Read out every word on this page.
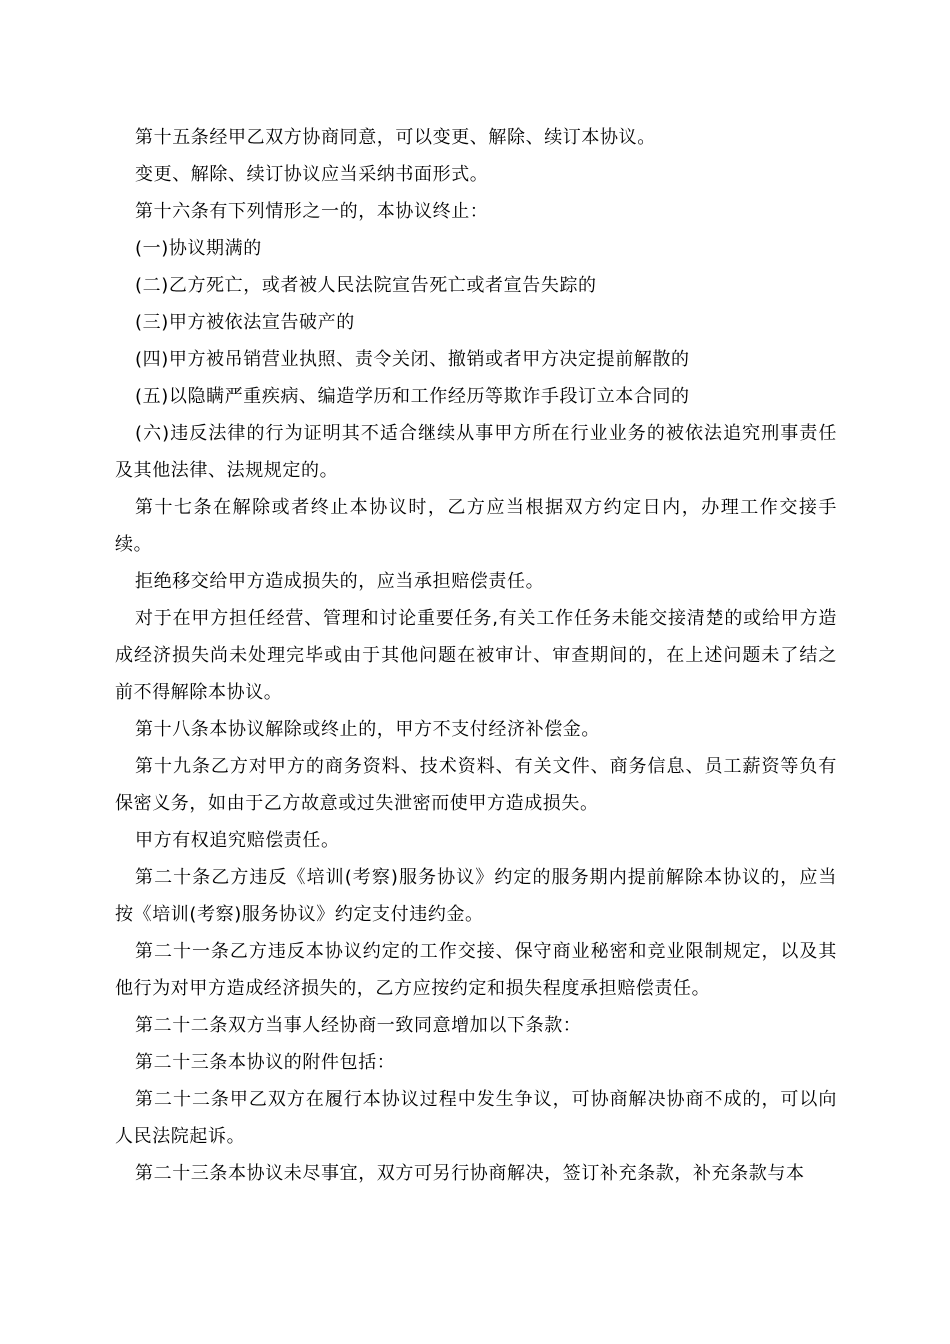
第十五条经甲乙双方协商同意，可以变更、解除、续订本协议。

变更、解除、续订协议应当采纳书面形式。

第十六条有下列情形之一的，本协议终止：

(一)协议期满的

(二)乙方死亡，或者被人民法院宣告死亡或者宣告失踪的

(三)甲方被依法宣告破产的

(四)甲方被吊销营业执照、责令关闭、撤销或者甲方决定提前解散的

(五)以隐瞒严重疾病、编造学历和工作经历等欺诈手段订立本合同的

(六)违反法律的行为证明其不适合继续从事甲方所在行业业务的被依法追究刑事责任及其他法律、法规规定的。

第十七条在解除或者终止本协议时，乙方应当根据双方约定日内，办理工作交接手续。

拒绝移交给甲方造成损失的，应当承担赔偿责任。

对于在甲方担任经营、管理和讨论重要任务,有关工作任务未能交接清楚的或给甲方造成经济损失尚未处理完毕或由于其他问题在被审计、审查期间的，在上述问题未了结之前不得解除本协议。

第十八条本协议解除或终止的，甲方不支付经济补偿金。

第十九条乙方对甲方的商务资料、技术资料、有关文件、商务信息、员工薪资等负有保密义务，如由于乙方故意或过失泄密而使甲方造成损失。

甲方有权追究赔偿责任。

第二十条乙方违反《培训(考察)服务协议》约定的服务期内提前解除本协议的，应当按《培训(考察)服务协议》约定支付违约金。

第二十一条乙方违反本协议约定的工作交接、保守商业秘密和竞业限制规定，以及其他行为对甲方造成经济损失的，乙方应按约定和损失程度承担赔偿责任。

第二十二条双方当事人经协商一致同意增加以下条款：

第二十三条本协议的附件包括：

第二十二条甲乙双方在履行本协议过程中发生争议，可协商解决协商不成的，可以向人民法院起诉。

第二十三条本协议未尽事宜，双方可另行协商解决，签订补充条款，补充条款与本
